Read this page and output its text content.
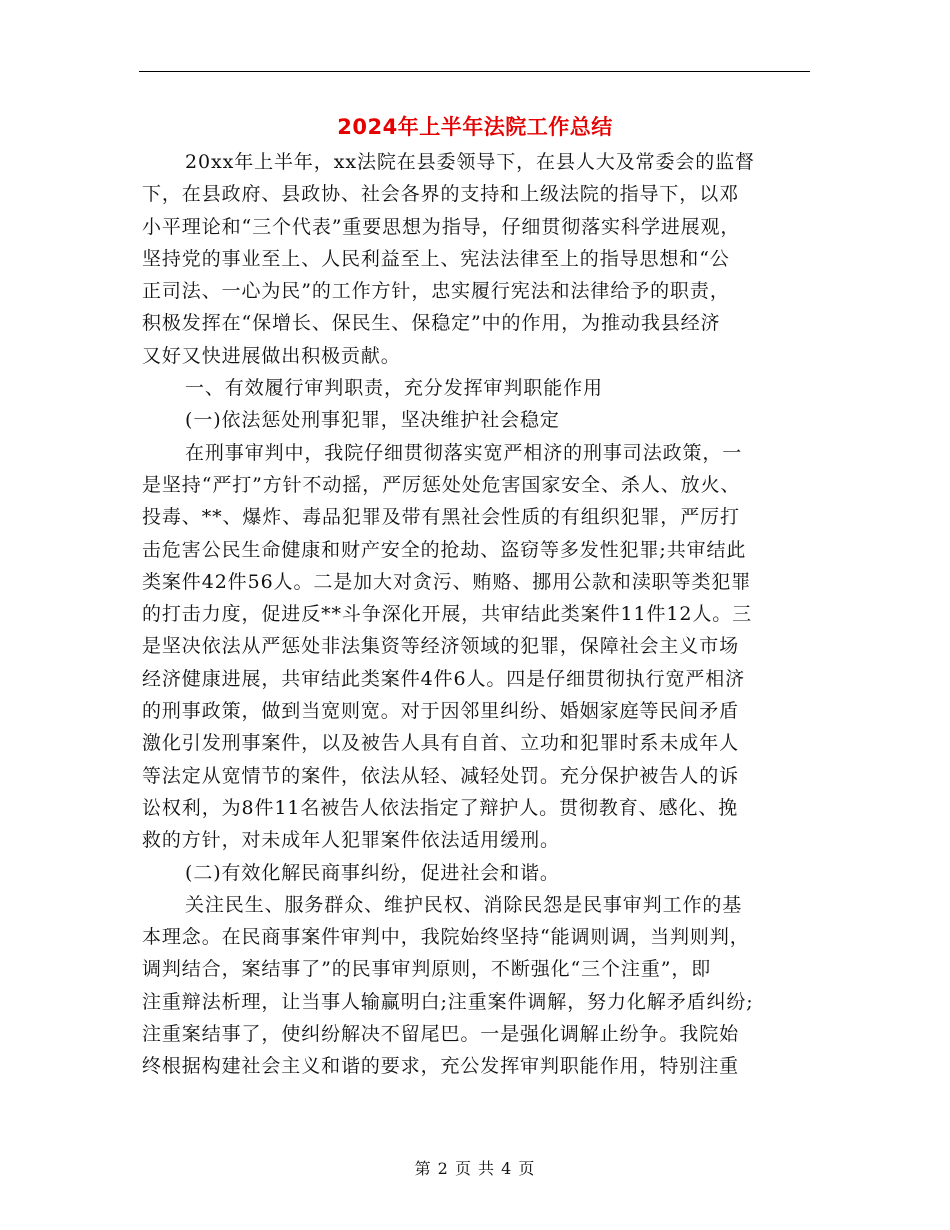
2024年上半年法院工作总结
20xx年上半年，xx法院在县委领导下，在县人大及常委会的监督
下，在县政府、县政协、社会各界的支持和上级法院的指导下，以邓
小平理论和“三个代表”重要思想为指导，仔细贯彻落实科学进展观，
坚持党的事业至上、人民利益至上、宪法法律至上的指导思想和“公
正司法、一心为民”的工作方针，忠实履行宪法和法律给予的职责，
积极发挥在“保增长、保民生、保稳定”中的作用，为推动我县经济
又好又快进展做出积极贡献。
一、有效履行审判职责，充分发挥审判职能作用
(一)依法惩处刑事犯罪，坚决维护社会稳定
在刑事审判中，我院仔细贯彻落实宽严相济的刑事司法政策，一
是坚持“严打”方针不动摇，严厉惩处处危害国家安全、杀人、放火、
投毒、**、爆炸、毒品犯罪及带有黑社会性质的有组织犯罪，严厉打
击危害公民生命健康和财产安全的抢劫、盗窃等多发性犯罪;共审结此
类案件42件56人。二是加大对贪污、贿赂、挪用公款和渎职等类犯罪
的打击力度，促进反**斗争深化开展，共审结此类案件11件12人。三
是坚决依法从严惩处非法集资等经济领域的犯罪，保障社会主义市场
经济健康进展，共审结此类案件4件6人。四是仔细贯彻执行宽严相济
的刑事政策，做到当宽则宽。对于因邻里纠纷、婚姻家庭等民间矛盾
激化引发刑事案件，以及被告人具有自首、立功和犯罪时系未成年人
等法定从宽情节的案件，依法从轻、减轻处罚。充分保护被告人的诉
讼权利，为8件11名被告人依法指定了辩护人。贯彻教育、感化、挽
救的方针，对未成年人犯罪案件依法适用缓刑。
(二)有效化解民商事纠纷，促进社会和谐。
关注民生、服务群众、维护民权、消除民怨是民事审判工作的基
本理念。在民商事案件审判中，我院始终坚持“能调则调，当判则判，
调判结合，案结事了”的民事审判原则，不断强化“三个注重”，即
注重辩法析理，让当事人输赢明白;注重案件调解，努力化解矛盾纠纷;
注重案结事了，使纠纷解决不留尾巴。一是强化调解止纷争。我院始
终根据构建社会主义和谐的要求，充公发挥审判职能作用，特别注重
第 2 页 共 4 页
